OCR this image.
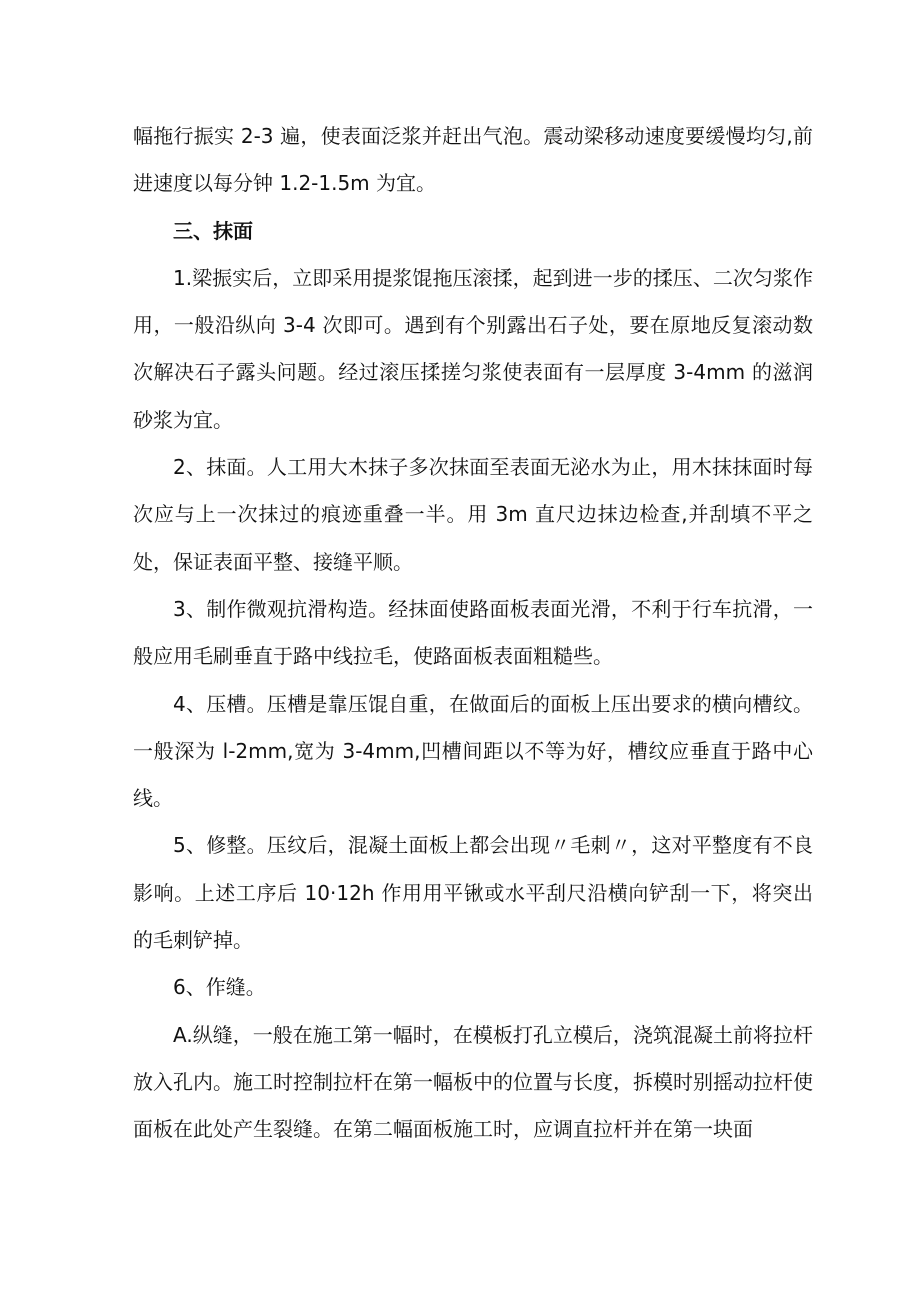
幅拖行振实 2-3 遍，使表面泛浆并赶出气泡。震动梁移动速度要缓慢均匀,前进速度以每分钟 1.2-1.5m 为宜。

三、抹面

1.梁振实后，立即采用提浆馄拖压滚揉，起到进一步的揉压、二次匀浆作用，一般沿纵向 3-4 次即可。遇到有个别露出石子处，要在原地反复滚动数次解决石子露头问题。经过滚压揉搓匀浆使表面有一层厚度 3-4mm 的滋润砂浆为宜。

2、抹面。人工用大木抹子多次抹面至表面无泌水为止，用木抹抹面时每次应与上一次抹过的痕迹重叠一半。用 3m 直尺边抹边检查,并刮填不平之处，保证表面平整、接缝平顺。

3、制作微观抗滑构造。经抹面使路面板表面光滑，不利于行车抗滑，一般应用毛刷垂直于路中线拉毛，使路面板表面粗糙些。

4、压槽。压槽是靠压馄自重，在做面后的面板上压出要求的横向槽纹。一般深为 l-2mm,宽为 3-4mm,凹槽间距以不等为好，槽纹应垂直于路中心线。

5、修整。压纹后，混凝土面板上都会出现〃毛刺〃，这对平整度有不良影响。上述工序后 10·12h 作用用平锹或水平刮尺沿横向铲刮一下，将突出的毛刺铲掉。

6、作缝。

A.纵缝，一般在施工第一幅时，在模板打孔立模后，浇筑混凝土前将拉杆放入孔内。施工时控制拉杆在第一幅板中的位置与长度，拆模时别摇动拉杆使面板在此处产生裂缝。在第二幅面板施工时，应调直拉杆并在第一块面
